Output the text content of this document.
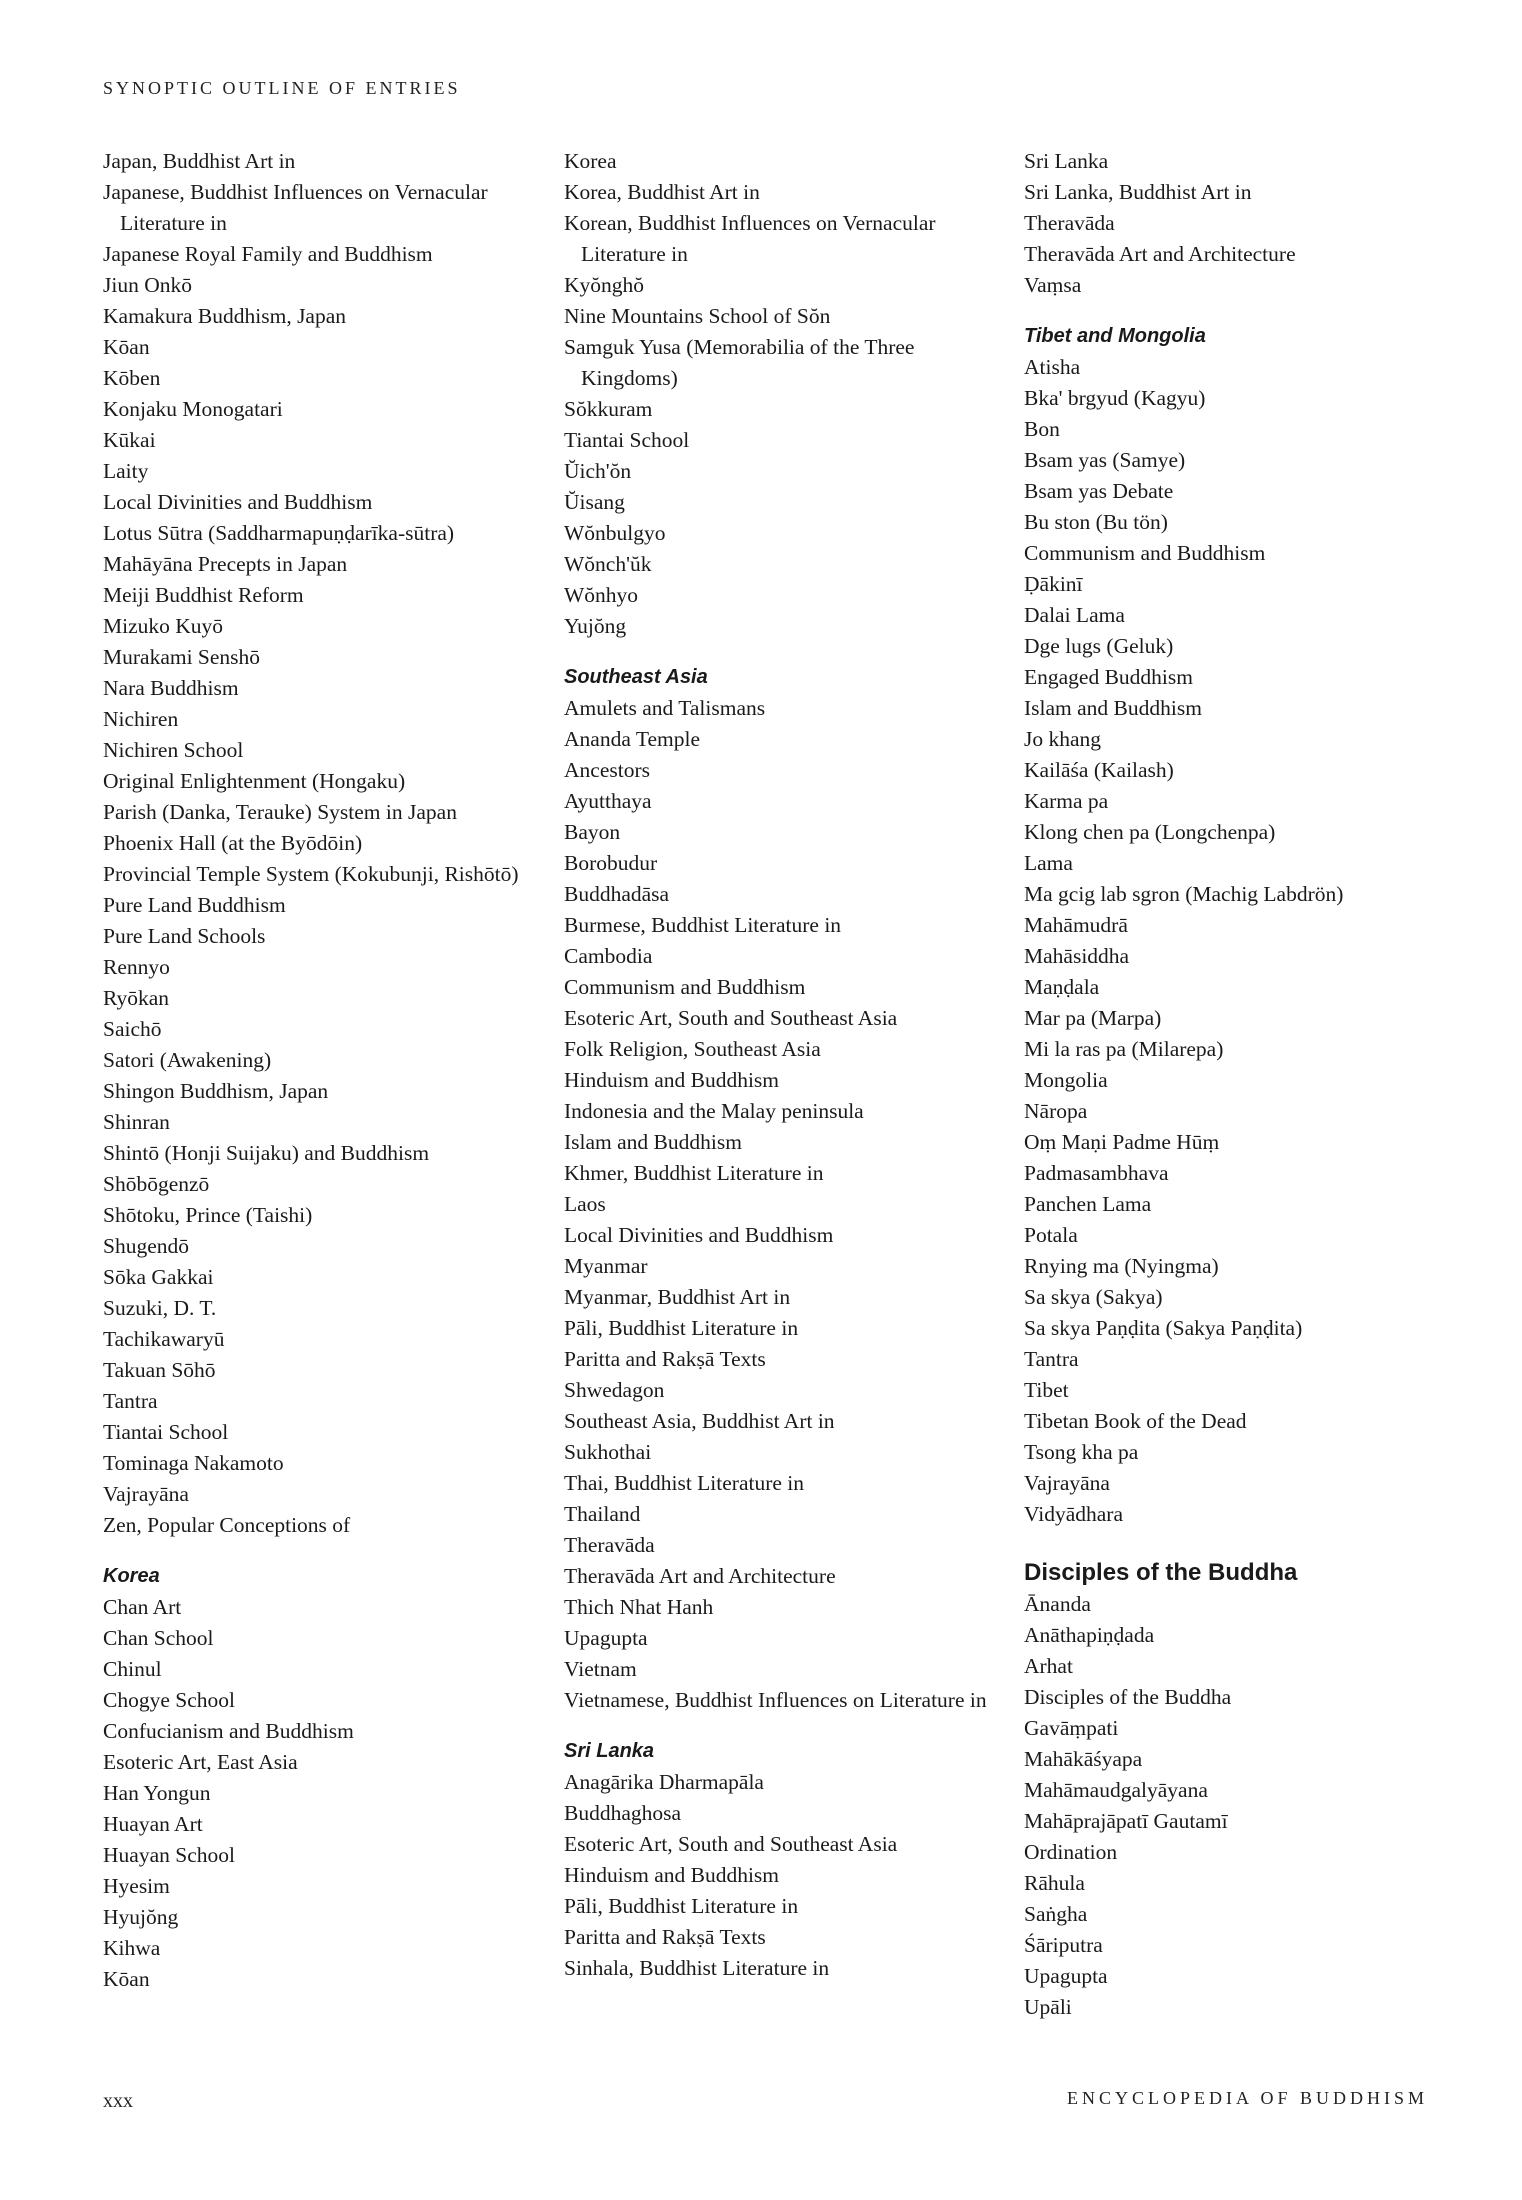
SYNOPTIC OUTLINE OF ENTRIES
Japan, Buddhist Art in
Japanese, Buddhist Influences on Vernacular Literature in
Japanese Royal Family and Buddhism
Jiun Onkō
Kamakura Buddhism, Japan
Kōan
Kōben
Konjaku Monogatari
Kūkai
Laity
Local Divinities and Buddhism
Lotus Sūtra (Saddharmapuṇḍarīka-sūtra)
Mahāyāna Precepts in Japan
Meiji Buddhist Reform
Mizuko Kuyō
Murakami Senshō
Nara Buddhism
Nichiren
Nichiren School
Original Enlightenment (Hongaku)
Parish (Danka, Terauke) System in Japan
Phoenix Hall (at the Byōdōin)
Provincial Temple System (Kokubunji, Rishōtō)
Pure Land Buddhism
Pure Land Schools
Rennyo
Ryōkan
Saichō
Satori (Awakening)
Shingon Buddhism, Japan
Shinran
Shintō (Honji Suijaku) and Buddhism
Shōbōgenzō
Shōtoku, Prince (Taishi)
Shugendō
Sōka Gakkai
Suzuki, D. T.
Tachikawaryū
Takuan Sōhō
Tantra
Tiantai School
Tominaga Nakamoto
Vajrayāna
Zen, Popular Conceptions of
Korea
Chan Art
Chan School
Chinul
Chogye School
Confucianism and Buddhism
Esoteric Art, East Asia
Han Yongun
Huayan Art
Huayan School
Hyesim
Hyujŏng
Kihwa
Kōan
Korea
Korea, Buddhist Art in
Korean, Buddhist Influences on Vernacular Literature in
Kyŏnghŏ
Nine Mountains School of Sŏn
Samguk Yusa (Memorabilia of the Three Kingdoms)
Sŏkkuram
Tiantai School
Ŭich'ŏn
Ŭisang
Wŏnbulgyo
Wŏnch'ŭk
Wŏnhyo
Yujŏng
Southeast Asia
Amulets and Talismans
Ananda Temple
Ancestors
Ayutthaya
Bayon
Borobudur
Buddhadāsa
Burmese, Buddhist Literature in
Cambodia
Communism and Buddhism
Esoteric Art, South and Southeast Asia
Folk Religion, Southeast Asia
Hinduism and Buddhism
Indonesia and the Malay peninsula
Islam and Buddhism
Khmer, Buddhist Literature in
Laos
Local Divinities and Buddhism
Myanmar
Myanmar, Buddhist Art in
Pāli, Buddhist Literature in
Paritta and Rakṣā Texts
Shwedagon
Southeast Asia, Buddhist Art in
Sukhothai
Thai, Buddhist Literature in
Thailand
Theravāda
Theravāda Art and Architecture
Thich Nhat Hanh
Upagupta
Vietnam
Vietnamese, Buddhist Influences on Literature in
Sri Lanka
Anagārika Dharmapāla
Buddhaghosa
Esoteric Art, South and Southeast Asia
Hinduism and Buddhism
Pāli, Buddhist Literature in
Paritta and Rakṣā Texts
Sinhala, Buddhist Literature in
Sri Lanka
Sri Lanka, Buddhist Art in
Theravāda
Theravāda Art and Architecture
Vaṃsa
Tibet and Mongolia
Atisha
Bka' brgyud (Kagyu)
Bon
Bsam yas (Samye)
Bsam yas Debate
Bu ston (Bu tön)
Communism and Buddhism
Ḍākinī
Dalai Lama
Dge lugs (Geluk)
Engaged Buddhism
Islam and Buddhism
Jo khang
Kailāśa (Kailash)
Karma pa
Klong chen pa (Longchenpa)
Lama
Ma gcig lab sgron (Machig Labdrön)
Mahāmudrā
Mahāsiddha
Maṇḍala
Mar pa (Marpa)
Mi la ras pa (Milarepa)
Mongolia
Nāropa
Oṃ Maṇi Padme Hūṃ
Padmasambhava
Panchen Lama
Potala
Rnying ma (Nyingma)
Sa skya (Sakya)
Sa skya Paṇḍita (Sakya Paṇḍita)
Tantra
Tibet
Tibetan Book of the Dead
Tsong kha pa
Vajrayāna
Vidyādhara
Disciples of the Buddha
Ānanda
Anāthapiṇḍada
Arhat
Disciples of the Buddha
Gavāṃpati
Mahākāśyapa
Mahāmaudgalyāyana
Mahāprajāpatī Gautamī
Ordination
Rāhula
Saṅgha
Śāriputra
Upagupta
Upāli
xxx	ENCYCLOPEDIA OF BUDDHISM
